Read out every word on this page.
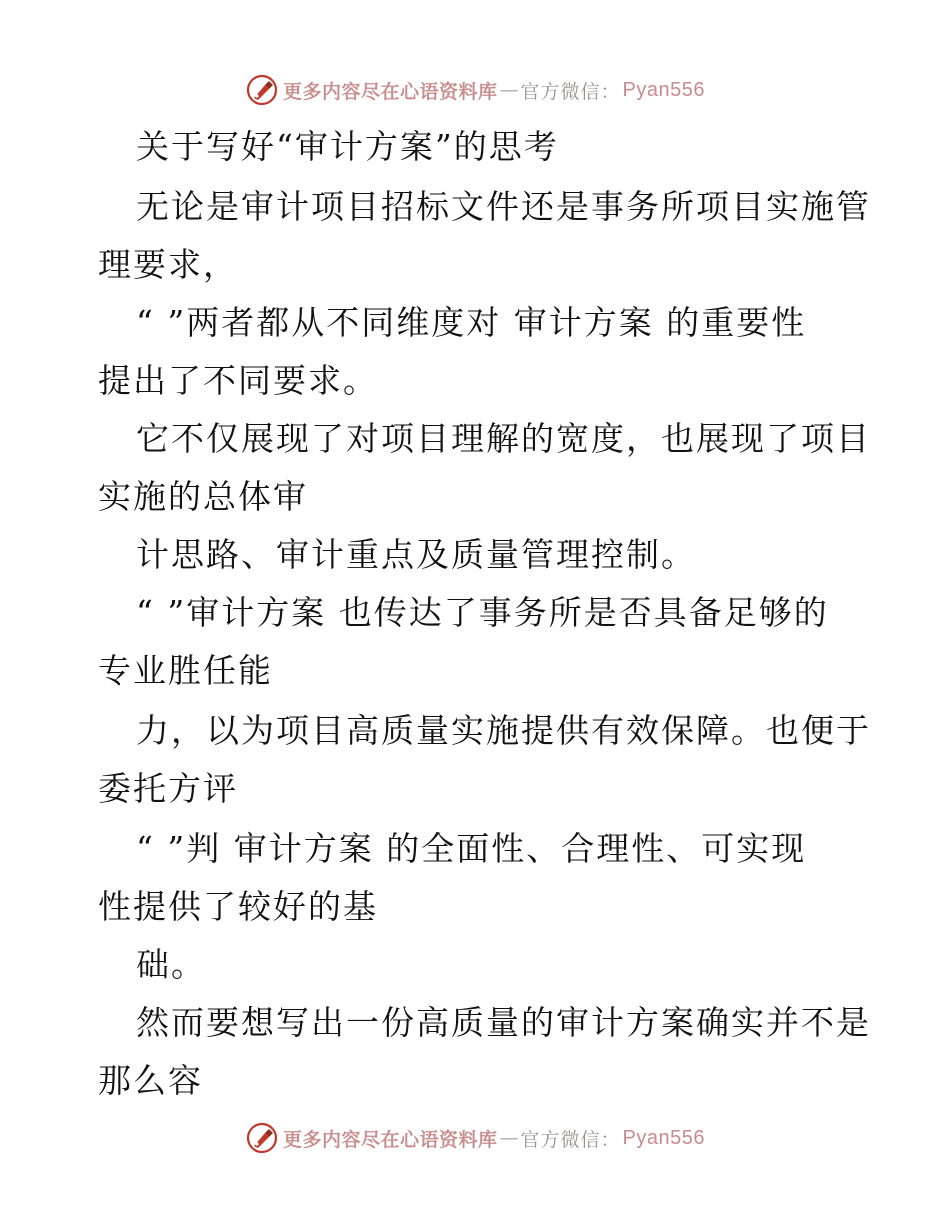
更多内容尽在心语资料库 — 官方微信： Pyan556
关于写好“审计方案”的思考
无论是审计项目招标文件还是事务所项目实施管
理要求，
“ ”两者都从不同维度对 审计方案 的重要性
提出了不同要求。
它不仅展现了对项目理解的宽度，也展现了项目
实施的总体审
计思路、审计重点及质量管理控制。
“ ”审计方案 也传达了事务所是否具备足够的
专业胜任能
力，以为项目高质量实施提供有效保障。也便于
委托方评
“ ”判 审计方案 的全面性、合理性、可实现
性提供了较好的基
础。
然而要想写出一份高质量的审计方案确实并不是
那么容
更多内容尽在心语资料库 — 官方微信： Pyan556
